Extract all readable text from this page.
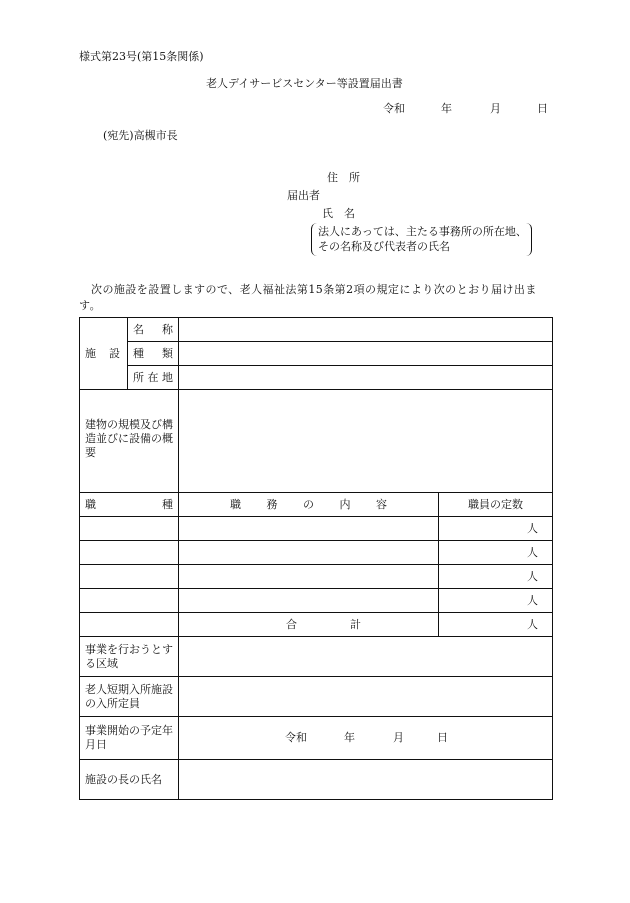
様式第23号(第15条関係)
老人デイサービスセンター等設置届出書
令和	年	月	日
(宛先)高槻市長
住　所
届出者
氏　名
法人にあっては、主たる事務所の所在地、
その名称及び代表者の氏名
次の施設を設置しますので、老人福祉法第15条第2項の規定により次のとおり届け出ます。
施 設	名 称		

	種 類		

	所 在 地		

建物の規模及び構造並びに設備の概要			

職 種		職 務 の 内 容	職員の定数

			人

			人

			人

			人

		合 計	人

事業を行おうとする区域			
老人短期入所施設の入所定員			
事業開始の予定年月日		令和 年 月 日	

施設の長の氏名			
